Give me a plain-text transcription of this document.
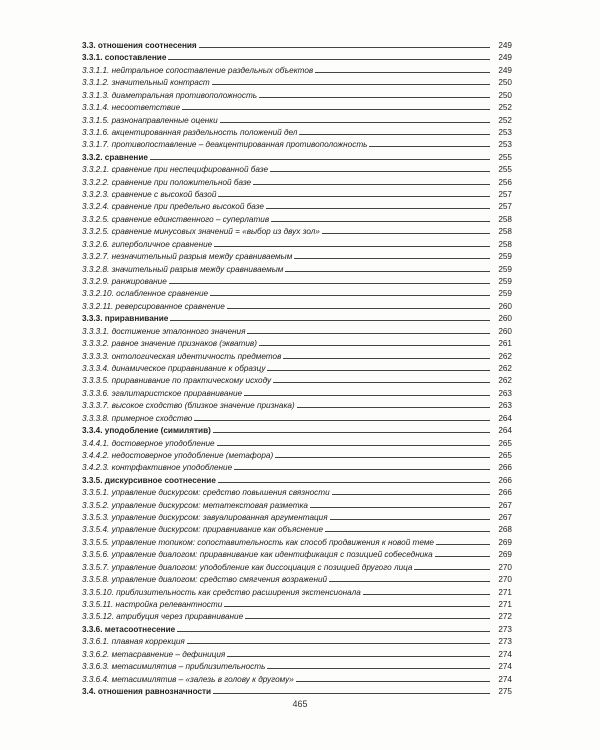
3.3. отношения соотнесения	249
3.3.1. сопоставление	249
3.3.1.1. нейтральное сопоставление раздельных объектов	249
3.3.1.2. значительный контраст	250
3.3.1.3. диаметральная противоположность	250
3.3.1.4. несоответствие	252
3.3.1.5. разнонаправленные оценки	252
3.3.1.6. акцентированная раздельность положений дел	253
3.3.1.7. противопоставление – деакцентированная противоположность	253
3.3.2. сравнение	255
3.3.2.1. сравнение при неспецифированной базе	255
3.3.2.2. сравнение при положительной базе	256
3.3.2.3. сравнение с высокой базой	257
3.3.2.4. сравнение при предельно высокой базе	257
3.3.2.5. сравнение единственного – суперлатив	258
3.3.2.5. сравнение минусовых значений = «выбор из двух зол»	258
3.3.2.6. гиперболичное сравнение	258
3.3.2.7. незначительный разрыв между сравниваемым	259
3.3.2.8. значительный разрыв между сравниваемым	259
3.3.2.9. ранжирование	259
3.3.2.10. ослабленное сравнение	259
3.3.2.11. реверсированное сравнение	260
3.3.3. приравнивание	260
3.3.3.1. достижение эталонного значения	260
3.3.3.2. равное значение признаков (экватив)	261
3.3.3.3. онтологическая идентичность предметов	262
3.3.3.4. динамическое приравнивание к образцу	262
3.3.3.5. приравнивание по практическому исходу	262
3.3.3.6. эгалитаристское приравнивание	263
3.3.3.7. высокое сходство (близкое значение признака)	263
3.3.3.8. примерное сходство	264
3.3.4. уподобление (симилятив)	264
3.4.4.1. достоверное уподобление	265
3.4.4.2. недостоверное уподобление (метафора)	265
3.4.2.3. контрфактивное уподобление	266
3.3.5. дискурсивное соотнесение	266
3.3.5.1. управление дискурсом: средство повышения связности	266
3.3.5.2. управление дискурсом: метатекстовая разметка	267
3.3.5.3. управление дискурсом: завуалированная аргументация	267
3.3.5.4. управление дискурсом: приравнивание как объяснение	268
3.3.5.5. управление топиком: сопоставительность как способ продвижения к новой теме	269
3.3.5.6. управление диалогом: приравнивание как идентификация с позицией собеседника	269
3.3.5.7. управление диалогом: уподобление как диссоциация с позицией другого лица	270
3.3.5.8. управление диалогом: средство смягчения возражений	270
3.3.5.10. приблизительность как средство расширения экстенсионала	271
3.3.5.11. настройка релевантности	271
3.3.5.12. атрибуция через приравнивание	272
3.3.6. метасоотнесение	273
3.3.6.1. плавная коррекция	273
3.3.6.2. метасравнение – дефиниция	274
3.3.6.3. метасимилятив – приблизительность	274
3.3.6.4. метасимилятив – «залезь в голову к другому»	274
3.4. отношения равнозначности	275
465
